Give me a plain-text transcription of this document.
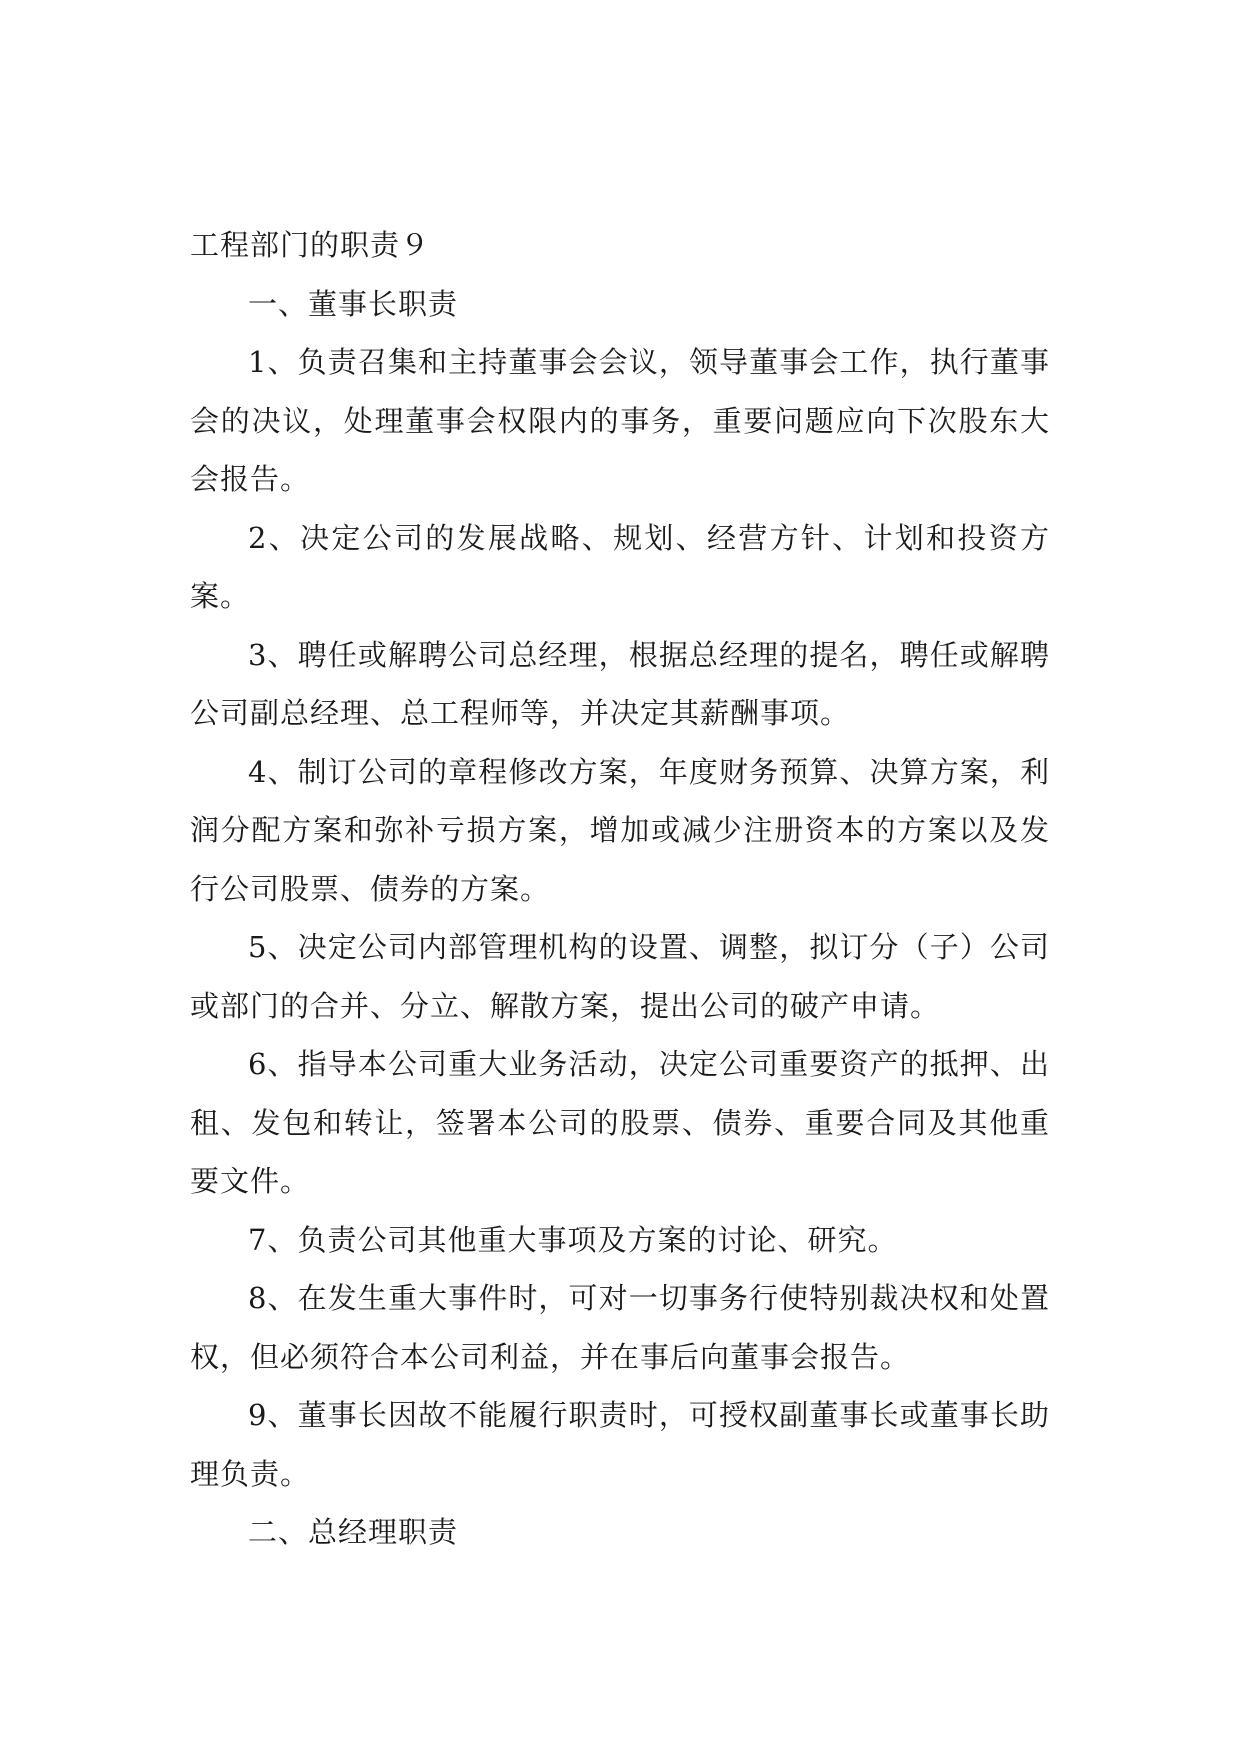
工程部门的职责９

一、董事长职责

1、负责召集和主持董事会会议，领导董事会工作，执行董事会的决议，处理董事会权限内的事务，重要问题应向下次股东大会报告。

2、决定公司的发展战略、规划、经营方针、计划和投资方案。

3、聘任或解聘公司总经理，根据总经理的提名，聘任或解聘公司副总经理、总工程师等，并决定其薪酬事项。

4、制订公司的章程修改方案，年度财务预算、决算方案，利润分配方案和弥补亏损方案，增加或减少注册资本的方案以及发行公司股票、债券的方案。

5、决定公司内部管理机构的设置、调整，拟订分（子）公司或部门的合并、分立、解散方案，提出公司的破产申请。

6、指导本公司重大业务活动，决定公司重要资产的抵押、出租、发包和转让，签署本公司的股票、债券、重要合同及其他重要文件。

7、负责公司其他重大事项及方案的讨论、研究。

8、在发生重大事件时，可对一切事务行使特别裁决权和处置权，但必须符合本公司利益，并在事后向董事会报告。

9、董事长因故不能履行职责时，可授权副董事长或董事长助理负责。

二、总经理职责
